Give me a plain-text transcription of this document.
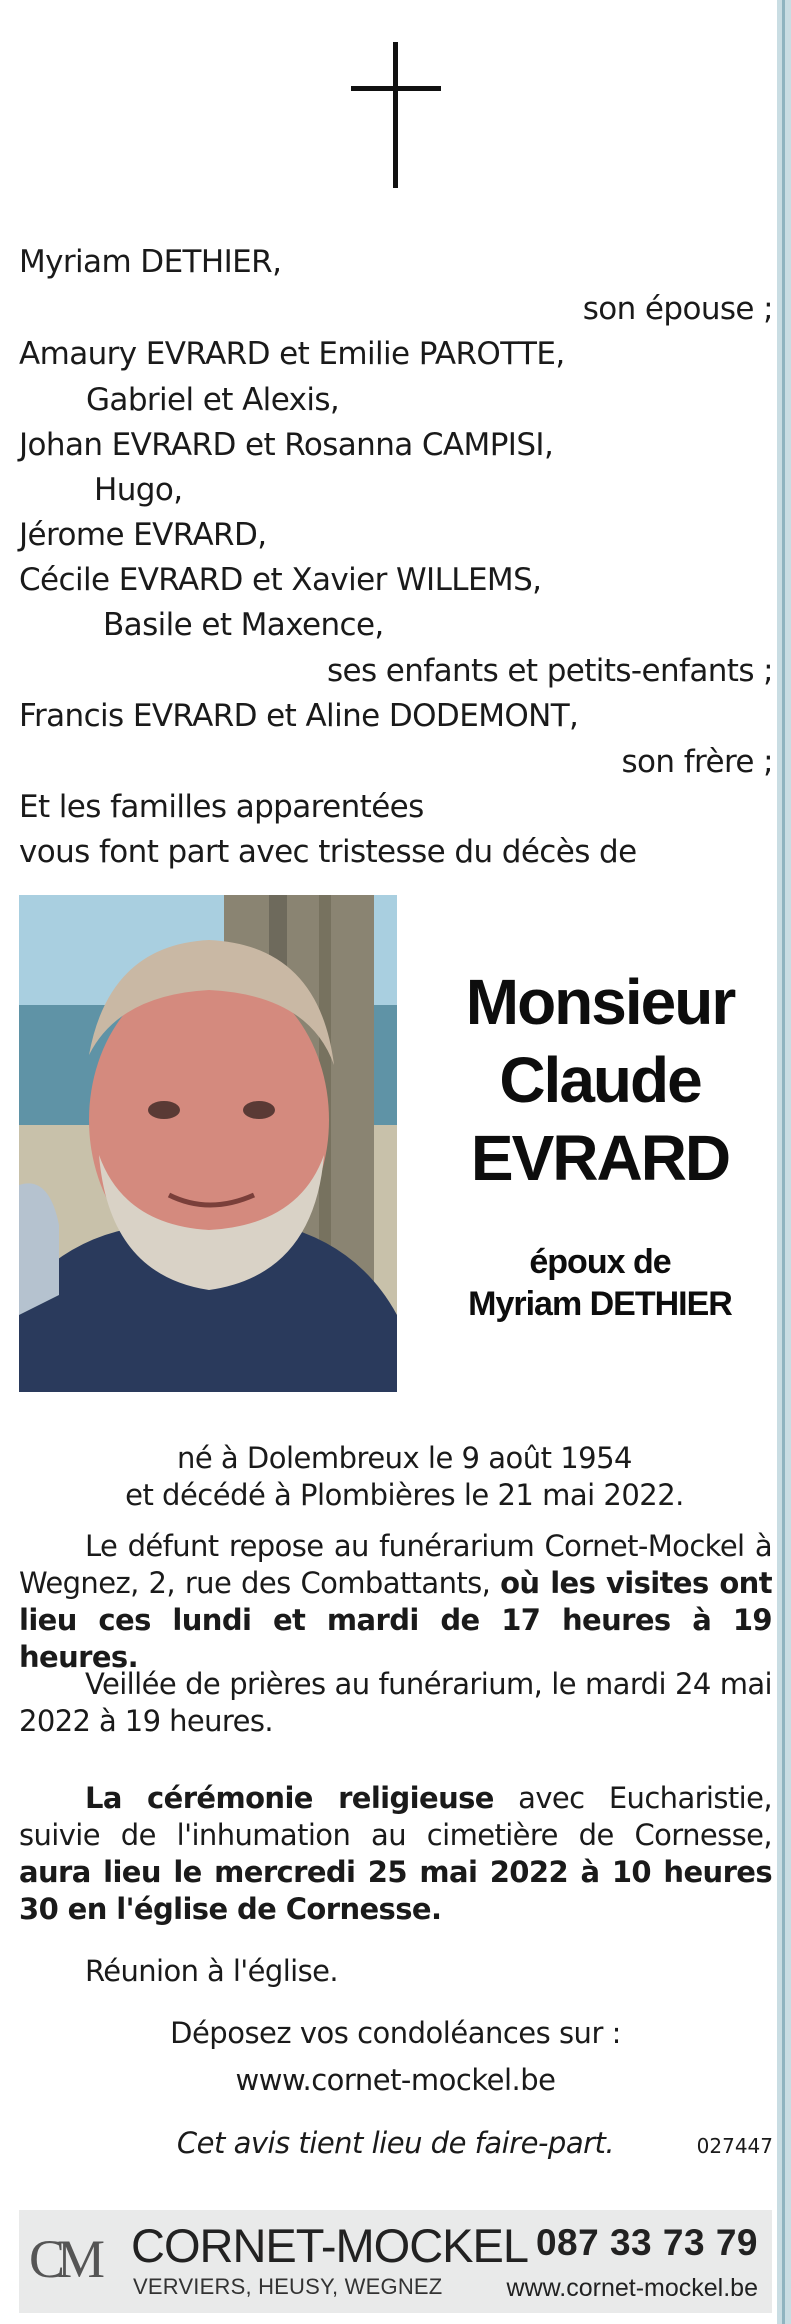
Myriam DETHIER,
son épouse ;
Amaury EVRARD et Emilie PAROTTE,
Gabriel et Alexis,
Johan EVRARD et Rosanna CAMPISI,
Hugo,
Jérome EVRARD,
Cécile EVRARD et Xavier WILLEMS,
Basile et Maxence,
ses enfants et petits-enfants ;
Francis EVRARD et Aline DODEMONT,
son frère ;
Et les familles apparentées
vous font part avec tristesse du décès de
Monsieur
Claude
EVRARD
époux de
Myriam DETHIER
né à Dolembreux le 9 août 1954
et décédé à Plombières le 21 mai 2022.
Le défunt repose au funérarium Cornet-Mockel à Wegnez, 2, rue des Combattants, où les visites ont lieu ces lundi et mardi de 17 heures à 19 heures.
Veillée de prières au funérarium, le mardi 24 mai 2022 à 19 heures.
La cérémonie religieuse avec Eucharistie, suivie de l'inhumation au cimetière de Cornesse, aura lieu le mercredi 25 mai 2022 à 10 heures 30 en l'église de Cornesse.
Réunion à l'église.
Déposez vos condoléances sur :
www.cornet-mockel.be
Cet avis tient lieu de faire-part.	027447
CM CORNET-MOCKEL
VERVIERS, HEUSY, WEGNEZ
087 33 73 79
www.cornet-mockel.be
